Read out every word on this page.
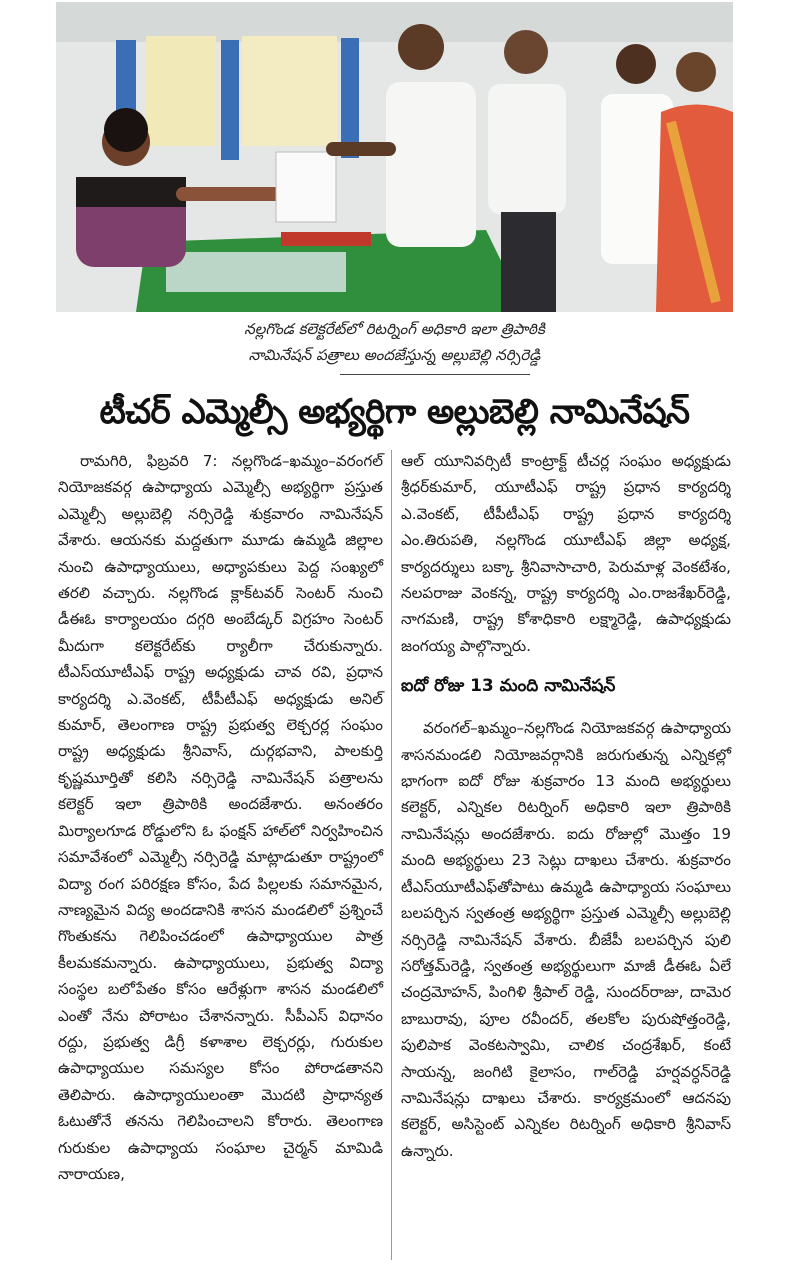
నల్లగొండ కలెక్టరేట్‌లో రిటర్నింగ్ అధికారి ఇలా త్రిపాఠికి
నామినేషన్ పత్రాలు అందజేస్తున్న అల్లుబెల్లి నర్సిరెడ్డి
టీచర్ ఎమ్మెల్సీ అభ్యర్థిగా అల్లుబెల్లి నామినేషన్

రామగిరి, ఫిబ్రవరి 7: నల్లగొండ–ఖమ్మం–వరంగల్ నియోజకవర్గ ఉపాధ్యాయ ఎమ్మెల్సీ అభ్యర్థిగా ప్రస్తుత ఎమ్మెల్సీ అల్లుబెల్లి నర్సిరెడ్డి శుక్రవారం నామినేషన్ వేశారు. ఆయనకు మద్దతుగా మూడు ఉమ్మడి జిల్లాల నుంచి ఉపాధ్యాయులు, అధ్యాపకులు పెద్ద సంఖ్యలో తరలి వచ్చారు. నల్లగొండ క్లాక్‌టవర్ సెంటర్ నుంచి డీఈఓ కార్యాలయం దగ్గరి అంబేడ్కర్ విగ్రహం సెంటర్ మీదుగా కలెక్టరేట్‌కు ర్యాలీగా చేరుకున్నారు. టీఎస్‌యూటీఎఫ్ రాష్ట్ర అధ్యక్షుడు చావ రవి, ప్రధాన కార్యదర్శి ఎ.వెంకట్, టీపీటీఎఫ్ అధ్యక్షుడు అనిల్ కుమార్, తెలంగాణ రాష్ట్ర ప్రభుత్వ లెక్చరర్ల సంఘం రాష్ట్ర అధ్యక్షుడు శ్రీనివాస్, దుర్గభవాని, పాలకుర్తి కృష్ణమూర్తితో కలిసి నర్సిరెడ్డి నామినేషన్ పత్రాలను కలెక్టర్ ఇలా త్రిపాఠికి అందజేశారు. అనంతరం మిర్యాలగూడ రోడ్డులోని ఓ ఫంక్షన్ హాల్‌లో నిర్వహించిన సమావేశంలో ఎమ్మెల్సీ నర్సిరెడ్డి మాట్లాడుతూ రాష్ట్రంలో విద్యా రంగ పరిరక్షణ కోసం, పేద పిల్లలకు సమానమైన, నాణ్యమైన విద్య అందడానికి శాసన మండలిలో ప్రశ్నించే గొంతుకను గెలిపించడంలో ఉపాధ్యాయుల పాత్ర కీలమకమన్నారు. ఉపాధ్యాయులు, ప్రభుత్వ విద్యా సంస్థల బలోపేతం కోసం ఆరేళ్లుగా శాసన మండలిలో ఎంతో నేను పోరాటం చేశానన్నారు. సీపీఎస్ విధానం రద్దు, ప్రభుత్వ డిగ్రీ కళాశాల లెక్చరర్లు, గురుకుల ఉపాధ్యాయుల సమస్యల కోసం పోరాడతానని తెలిపారు. ఉపాధ్యాయులంతా మొదటి ప్రాధాన్యత ఓటుతోనే తనను గెలిపించాలని కోరారు. తెలంగాణ గురుకుల ఉపాధ్యాయ సంఘాల చైర్మన్ మామిడి నారాయణ,

ఆల్ యూనివర్సిటీ కాంట్రాక్ట్ టీచర్ల సంఘం అధ్యక్షుడు శ్రీధర్‌కుమార్, యూటీఎఫ్ రాష్ట్ర ప్రధాన కార్యదర్శి ఎ.వెంకట్, టీపీటీఎఫ్ రాష్ట్ర ప్రధాన కార్యదర్శి ఎం.తిరుపతి, నల్లగొండ యూటీఎఫ్ జిల్లా అధ్యక్ష, కార్యదర్శులు బక్కా శ్రీనివాసాచారి, పెరుమాళ్ల వెంకటేశం, నలపరాజు వెంకన్న, రాష్ట్ర కార్యదర్శి ఎం.రాజశేఖర్‌రెడ్డి, నాగమణి, రాష్ట్ర కోశాధికారి లక్ష్మారెడ్డి, ఉపాధ్యక్షుడు జంగయ్య పాల్గొన్నారు.

ఐదో రోజు 13 మంది నామినేషన్

వరంగల్–ఖమ్మం–నల్లగొండ నియోజకవర్గ ఉపాధ్యాయ శాసనమండలి నియోజవర్గానికి జరుగుతున్న ఎన్నికల్లో భాగంగా ఐదో రోజు శుక్రవారం 13 మంది అభ్యర్థులు కలెక్టర్, ఎన్నికల రిటర్నింగ్ అధికారి ఇలా త్రిపాఠికి నామినేషన్లు అందజేశారు. ఐదు రోజుల్లో మొత్తం 19 మంది అభ్యర్థులు 23 సెట్లు దాఖలు చేశారు. శుక్రవారం టీఎస్‌యూటీఎఫ్‌తోపాటు ఉమ్మడి ఉపాధ్యాయ సంఘాలు బలపర్చిన స్వతంత్ర అభ్యర్థిగా ప్రస్తుత ఎమ్మెల్సీ అల్లుబెల్లి నర్సిరెడ్డి నామినేషన్ వేశారు. బీజేపీ బలపర్చిన పులి సరోత్తమ్‌రెడ్డి, స్వతంత్ర అభ్యర్థులుగా మాజీ డీఈఓ ఏలే చంద్రమోహన్, పింగిళి శ్రీపాల్ రెడ్డి, సుందర్‌రాజు, దామెర బాబురావు, పూల రవీందర్, తలకోల పురుషోత్తంరెడ్డి, పులిపాక వెంకటస్వామి, చాలిక చంద్రశేఖర్, కంటే సాయన్న, జంగిటి కైలాసం, గాల్‌రెడ్డి హర్షవర్ధన్‌రెడ్డి నామినేషన్లు దాఖలు చేశారు. కార్యక్రమంలో ఆదనపు కలెక్టర్, అసిస్టెంట్ ఎన్నికల రిటర్నింగ్ అధికారి శ్రీనివాస్ ఉన్నారు.
